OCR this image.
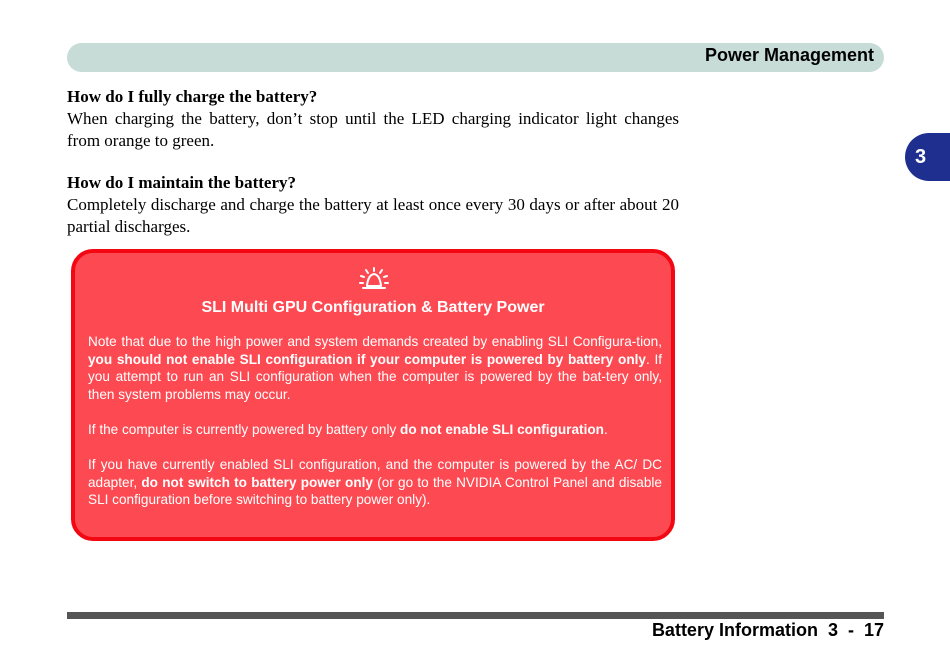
Power Management
3

How do I fully charge the battery?

When charging the battery, don’t stop until the LED charging indicator light changes from orange to green.

How do I maintain the battery?

Completely discharge and charge the battery at least once every 30 days or after about 20 partial discharges.

SLI Multi GPU Configuration & Battery Power

Note that due to the high power and system demands created by enabling SLI Configura-tion, you should not enable SLI configuration if your computer is powered by battery only. If you attempt to run an SLI configuration when the computer is powered by the bat-tery only, then system problems may occur.

If the computer is currently powered by battery only do not enable SLI configuration.

If you have currently enabled SLI configuration, and the computer is powered by the AC/ DC adapter, do not switch to battery power only (or go to the NVIDIA Control Panel and disable SLI configuration before switching to battery power only).

Battery Information  3  -  17
